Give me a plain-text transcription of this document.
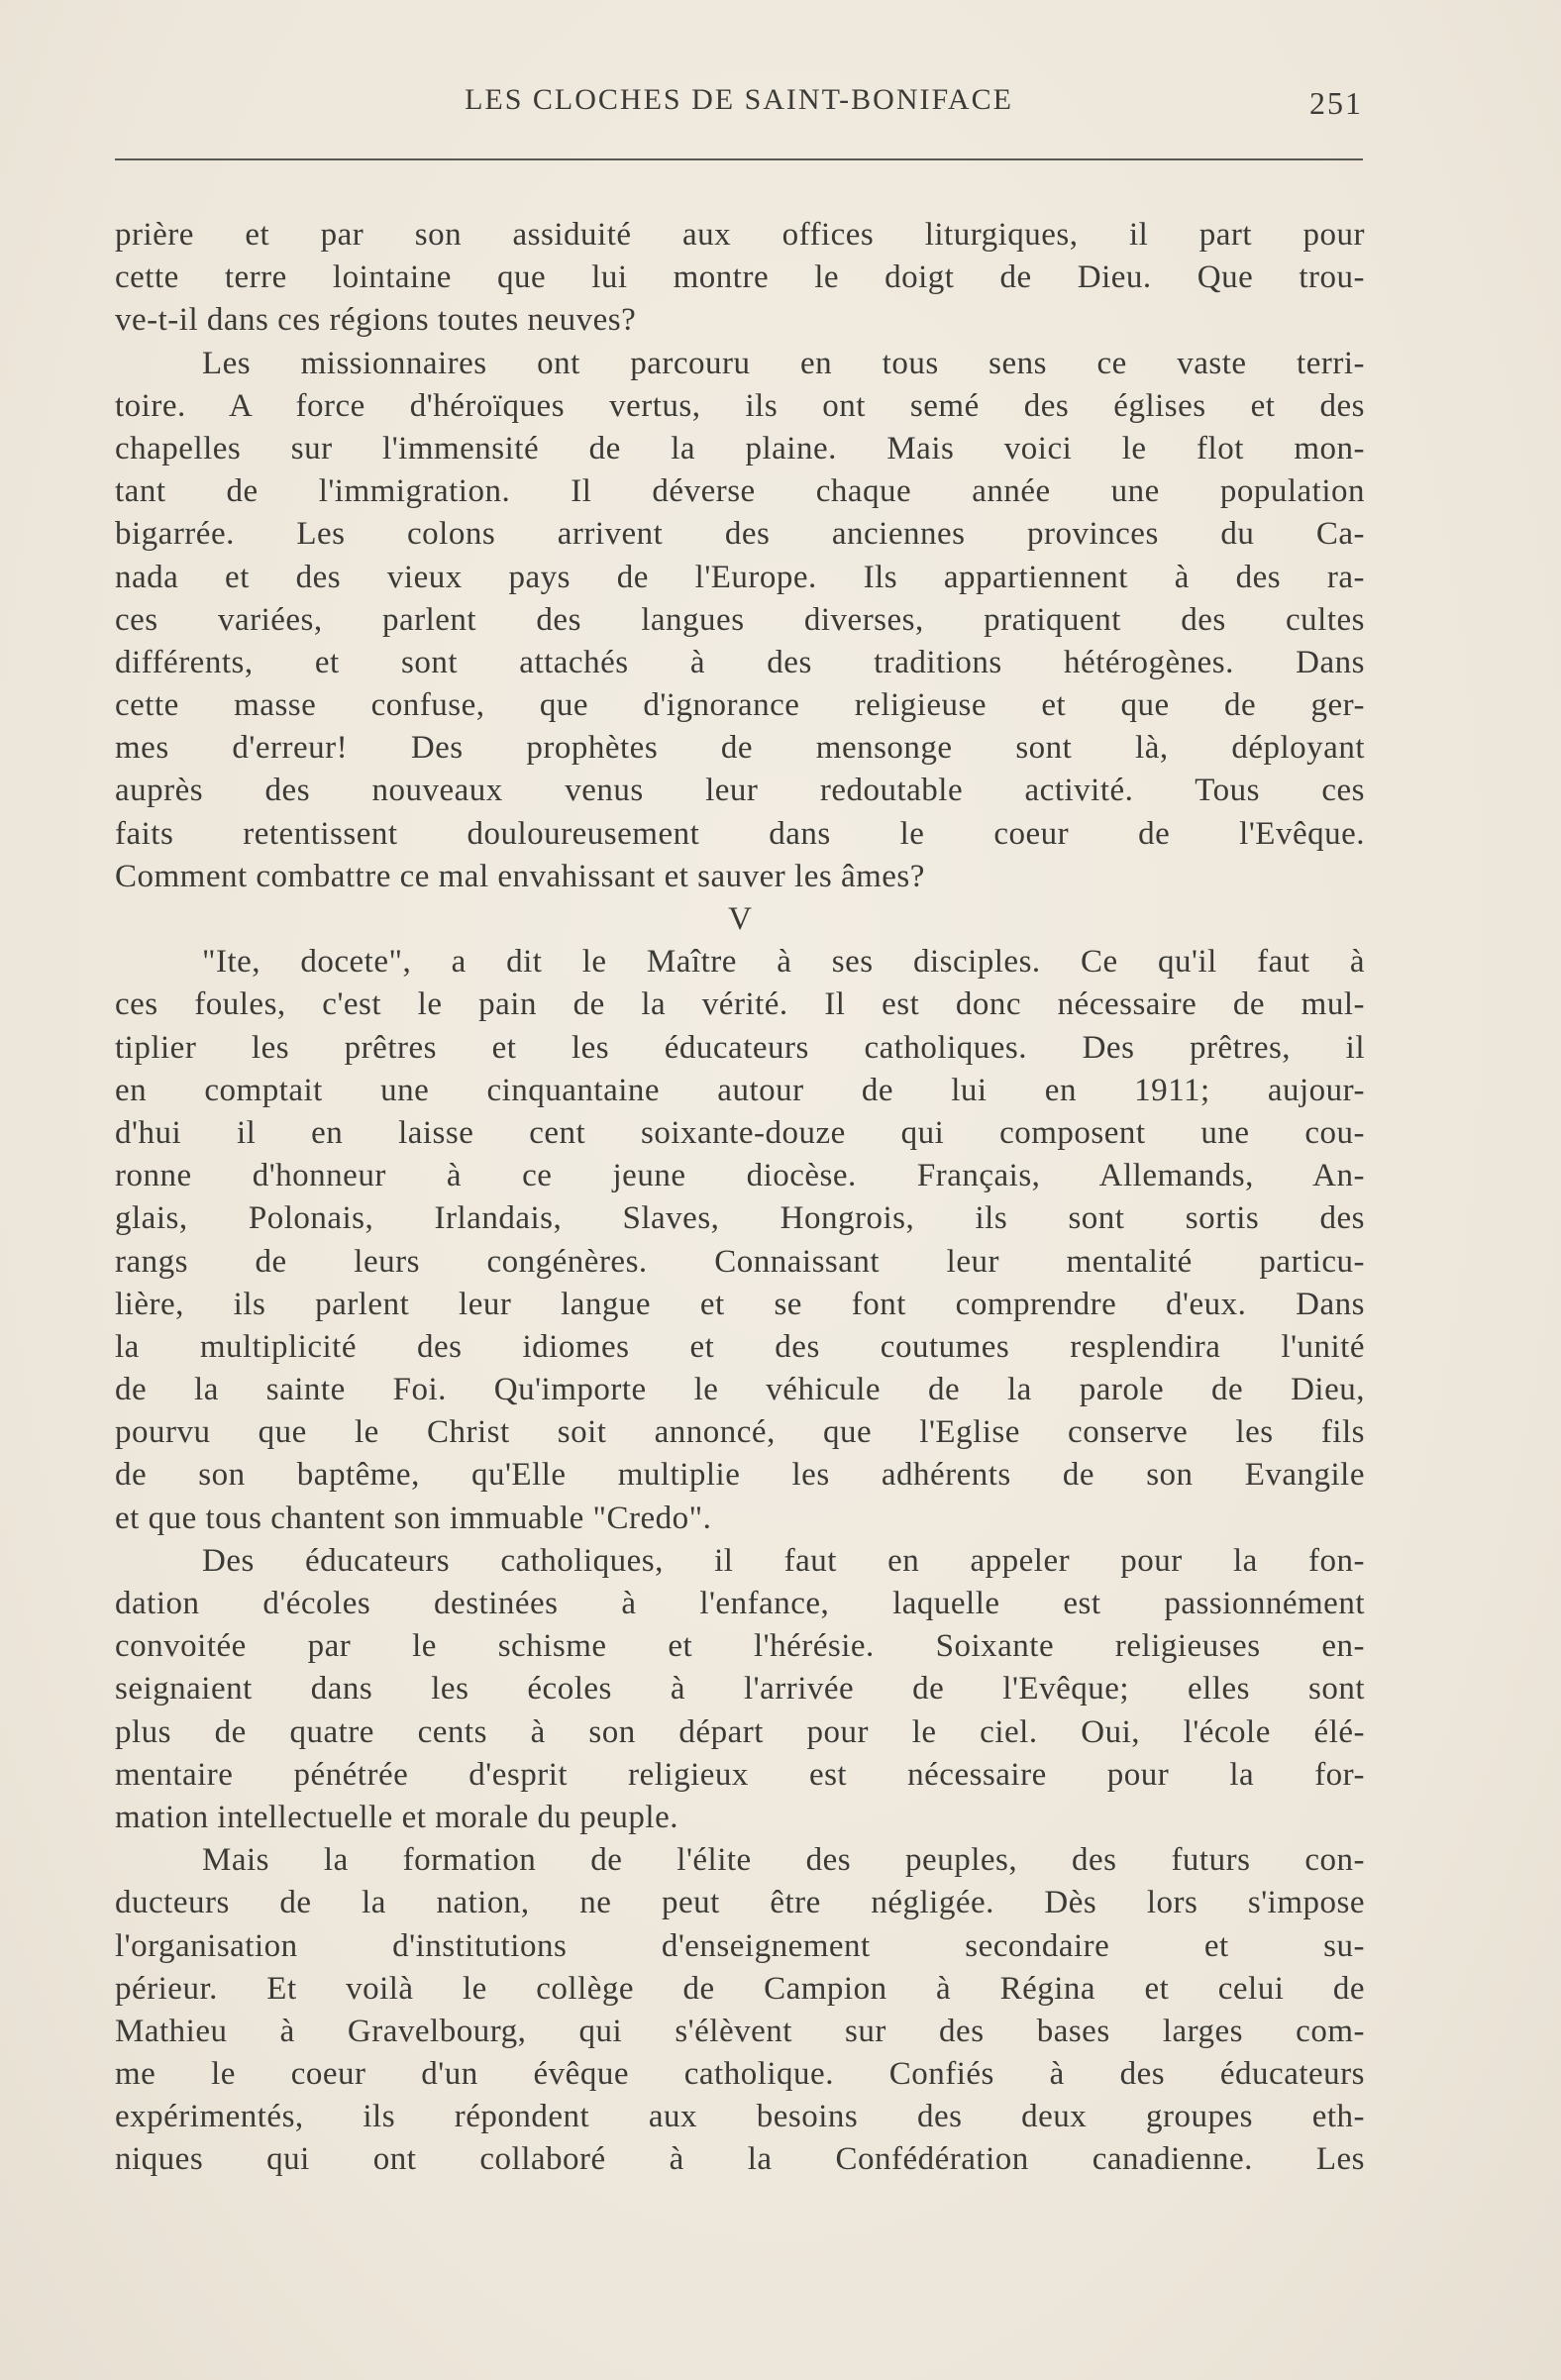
LES CLOCHES DE SAINT-BONIFACE	251
prière et par son assiduité aux offices liturgiques, il part pour
cette terre lointaine que lui montre le doigt de Dieu. Que trou-
ve-t-il dans ces régions toutes neuves?
Les missionnaires ont parcouru en tous sens ce vaste terri-
toire. A force d'héroïques vertus, ils ont semé des églises et des
chapelles sur l'immensité de la plaine. Mais voici le flot mon-
tant de l'immigration. Il déverse chaque année une population
bigarrée. Les colons arrivent des anciennes provinces du Ca-
nada et des vieux pays de l'Europe. Ils appartiennent à des ra-
ces variées, parlent des langues diverses, pratiquent des cultes
différents, et sont attachés à des traditions hétérogènes. Dans
cette masse confuse, que d'ignorance religieuse et que de ger-
mes d'erreur! Des prophètes de mensonge sont là, déployant
auprès des nouveaux venus leur redoutable activité. Tous ces
faits retentissent douloureusement dans le coeur de l'Evêque.
Comment combattre ce mal envahissant et sauver les âmes?
V
"Ite, docete", a dit le Maître à ses disciples. Ce qu'il faut à
ces foules, c'est le pain de la vérité. Il est donc nécessaire de mul-
tiplier les prêtres et les éducateurs catholiques. Des prêtres, il
en comptait une cinquantaine autour de lui en 1911; aujour-
d'hui il en laisse cent soixante-douze qui composent une cou-
ronne d'honneur à ce jeune diocèse. Français, Allemands, An-
glais, Polonais, Irlandais, Slaves, Hongrois, ils sont sortis des
rangs de leurs congénères. Connaissant leur mentalité particu-
lière, ils parlent leur langue et se font comprendre d'eux. Dans
la multiplicité des idiomes et des coutumes resplendira l'unité
de la sainte Foi. Qu'importe le véhicule de la parole de Dieu,
pourvu que le Christ soit annoncé, que l'Eglise conserve les fils
de son baptême, qu'Elle multiplie les adhérents de son Evangile
et que tous chantent son immuable "Credo".
Des éducateurs catholiques, il faut en appeler pour la fon-
dation d'écoles destinées à l'enfance, laquelle est passionnément
convoitée par le schisme et l'hérésie. Soixante religieuses en-
seignaient dans les écoles à l'arrivée de l'Evêque; elles sont
plus de quatre cents à son départ pour le ciel. Oui, l'école élé-
mentaire pénétrée d'esprit religieux est nécessaire pour la for-
mation intellectuelle et morale du peuple.
Mais la formation de l'élite des peuples, des futurs con-
ducteurs de la nation, ne peut être négligée. Dès lors s'impose
l'organisation d'institutions d'enseignement secondaire et su-
périeur. Et voilà le collège de Campion à Régina et celui de
Mathieu à Gravelbourg, qui s'élèvent sur des bases larges com-
me le coeur d'un évêque catholique. Confiés à des éducateurs
expérimentés, ils répondent aux besoins des deux groupes eth-
niques qui ont collaboré à la Confédération canadienne. Les
